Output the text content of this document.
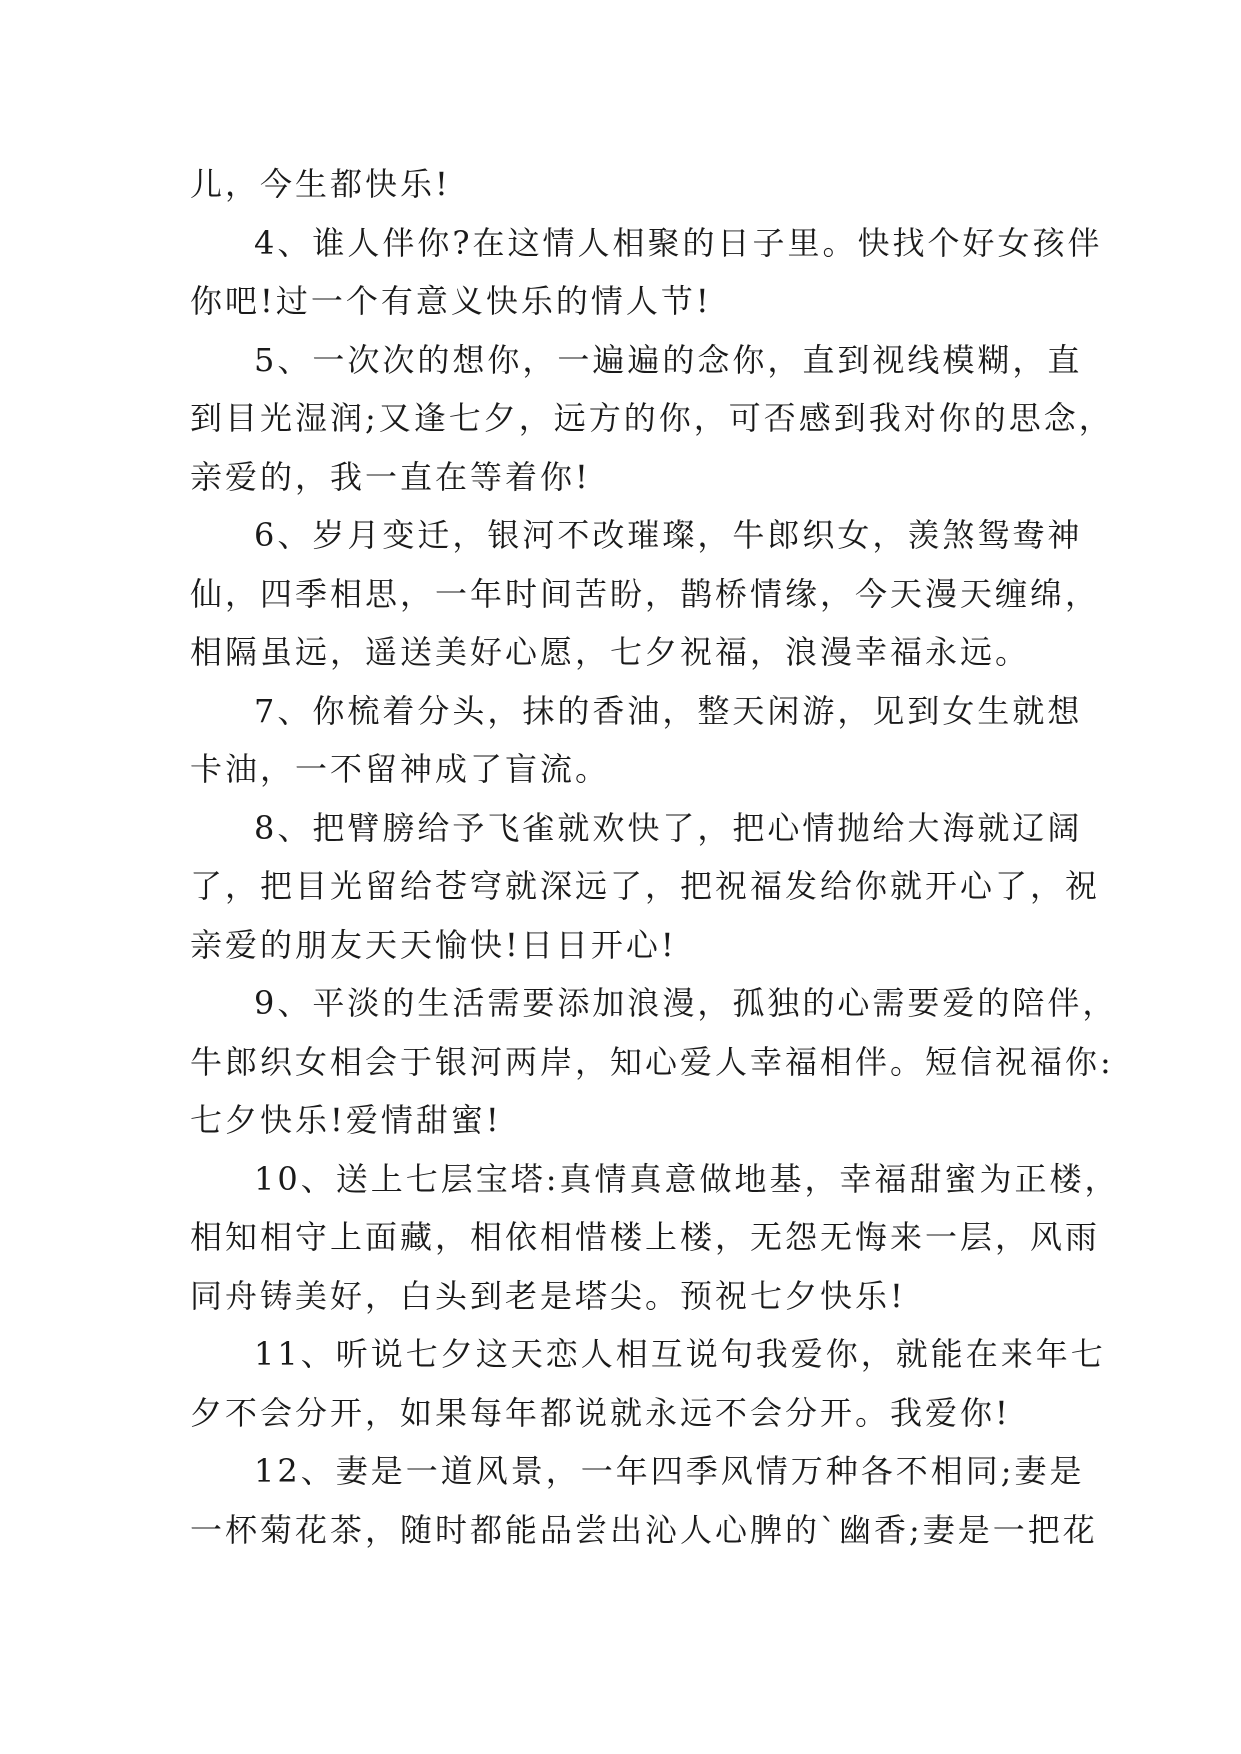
儿，今生都快乐!
4、谁人伴你?在这情人相聚的日子里。快找个好女孩伴
你吧!过一个有意义快乐的情人节!
5、一次次的想你，一遍遍的念你，直到视线模糊，直
到目光湿润;又逢七夕，远方的你，可否感到我对你的思念，
亲爱的，我一直在等着你!
6、岁月变迁，银河不改璀璨，牛郎织女，羡煞鸳鸯神
仙，四季相思，一年时间苦盼，鹊桥情缘，今天漫天缠绵，
相隔虽远，遥送美好心愿，七夕祝福，浪漫幸福永远。
7、你梳着分头，抹的香油，整天闲游，见到女生就想
卡油，一不留神成了盲流。
8、把臂膀给予飞雀就欢快了，把心情抛给大海就辽阔
了，把目光留给苍穹就深远了，把祝福发给你就开心了，祝
亲爱的朋友天天愉快!日日开心!
9、平淡的生活需要添加浪漫，孤独的心需要爱的陪伴，
牛郎织女相会于银河两岸，知心爱人幸福相伴。短信祝福你:
七夕快乐!爱情甜蜜!
10、送上七层宝塔:真情真意做地基，幸福甜蜜为正楼，
相知相守上面藏，相依相惜楼上楼，无怨无悔来一层，风雨
同舟铸美好，白头到老是塔尖。预祝七夕快乐!
11、听说七夕这天恋人相互说句我爱你，就能在来年七
夕不会分开，如果每年都说就永远不会分开。我爱你!
12、妻是一道风景，一年四季风情万种各不相同;妻是
一杯菊花茶，随时都能品尝出沁人心脾的`幽香;妻是一把花
